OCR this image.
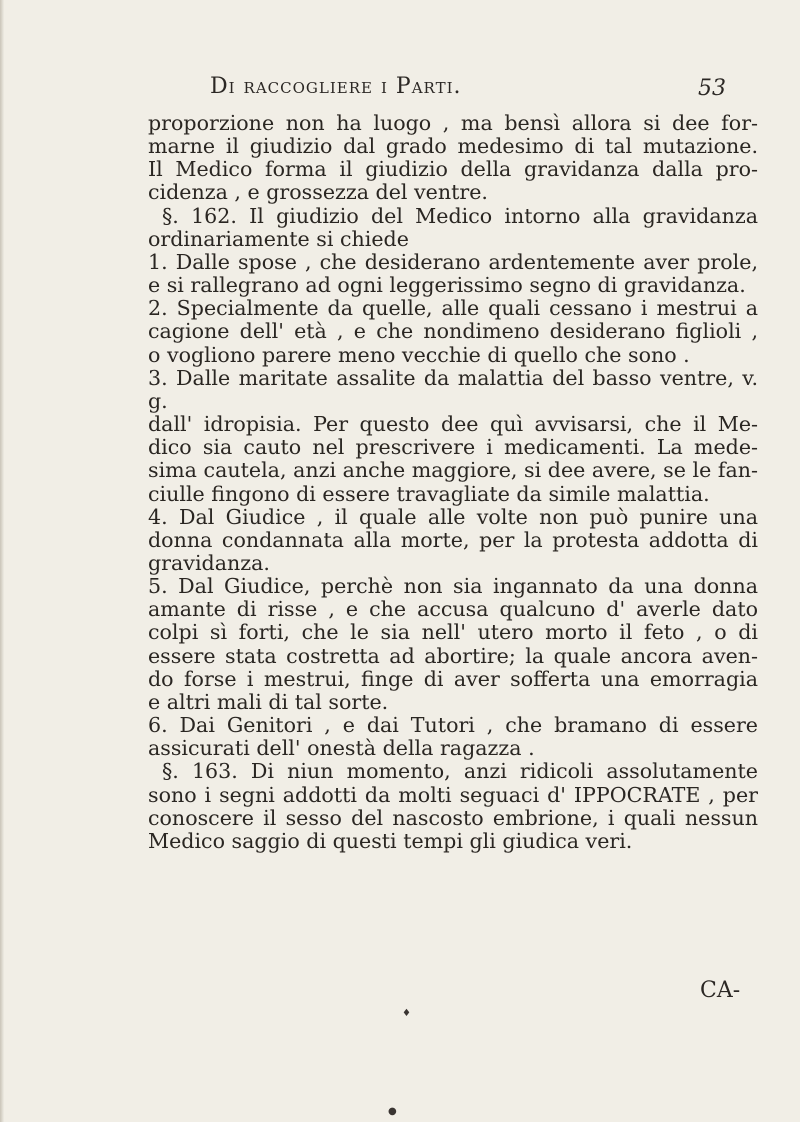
Di raccogliere i Parti.	53

proporzione non ha luogo , ma bensì allora si dee for-

marne il giudizio dal grado medesimo di tal mutazione.

Il Medico forma il giudizio della gravidanza dalla pro-

cidenza , e grossezza del ventre.

§. 162. Il giudizio del Medico intorno alla gravidanza

ordinariamente si chiede

1. Dalle spose , che desiderano ardentemente aver prole,

e si rallegrano ad ogni leggerissimo segno di gravidanza.

2. Specialmente da quelle, alle quali cessano i mestrui a

cagione dell' età , e che nondimeno desiderano figlioli ,

o vogliono parere meno vecchie di quello che sono .

3. Dalle maritate assalite da malattia del basso ventre, v. g.

dall' idropisia. Per questo dee quì avvisarsi, che il Me-

dico sia cauto nel prescrivere i medicamenti. La mede-

sima cautela, anzi anche maggiore, si dee avere, se le fan-

ciulle fingono di essere travagliate da simile malattia.

4. Dal Giudice , il quale alle volte non può punire una

donna condannata alla morte, per la protesta addotta di

gravidanza.

5. Dal Giudice, perchè non sia ingannato da una donna

amante di risse , e che accusa qualcuno d' averle dato

colpi sì forti, che le sia nell' utero morto il feto , o di

essere stata costretta ad abortire; la quale ancora aven-

do forse i mestrui, finge di aver sofferta una emorragia

e altri mali di tal sorte.

6. Dai Genitori , e dai Tutori , che bramano di essere

assicurati dell' onestà della ragazza .

§. 163. Di niun momento, anzi ridicoli assolutamente

sono i segni addotti da molti seguaci d' IPPOCRATE , per

conoscere il sesso del nascosto embrione, i quali nessun

Medico saggio di questi tempi gli giudica veri.

CA-
♦
●
